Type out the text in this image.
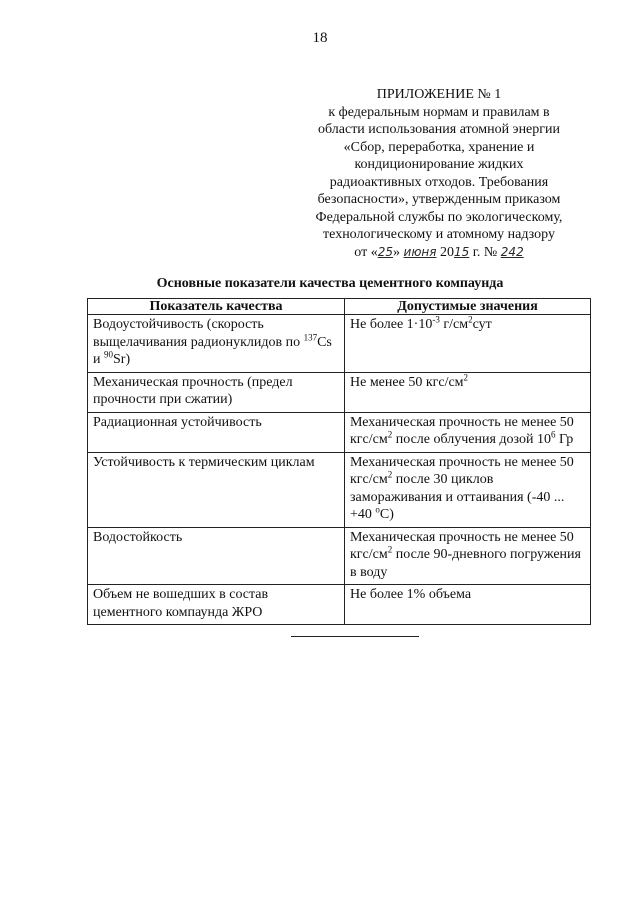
18
ПРИЛОЖЕНИЕ № 1
к федеральным нормам и правилам в
области использования атомной энергии
«Сбор, переработка, хранение и
кондиционирование жидких
радиоактивных отходов. Требования
безопасности», утвержденным приказом
Федеральной службы по экологическому,
технологическому и атомному надзору
от «25» июня 2015 г. № 242
Основные показатели качества цементного компаунда
Показатель качества	Допустимые значения
Водоустойчивость (скорость выщелачивания радионуклидов по $^{137}$Cs и $^{90}$Sr)	Не более $1\cdot 10^{-3}$ $г/см^2сут$
Механическая прочность (предел прочности при сжатии)	Не менее 50 кгс/$см^2$
Радиационная устойчивость	Механическая прочность не менее 50 кгс/$см^2$ после облучения дозой $10^6$ Гр
Устойчивость к термическим циклам	Механическая прочность не менее 50 кгс/$см^2$ после 30 циклов замораживания и оттаивания (-40 ... +40 $^о$С)
Водостойкость	Механическая прочность не менее 50 кгс/$см^2$ после 90-дневного погружения в воду
Объем не вошедших в состав цементного компаунда ЖРО	Не более 1% объема
